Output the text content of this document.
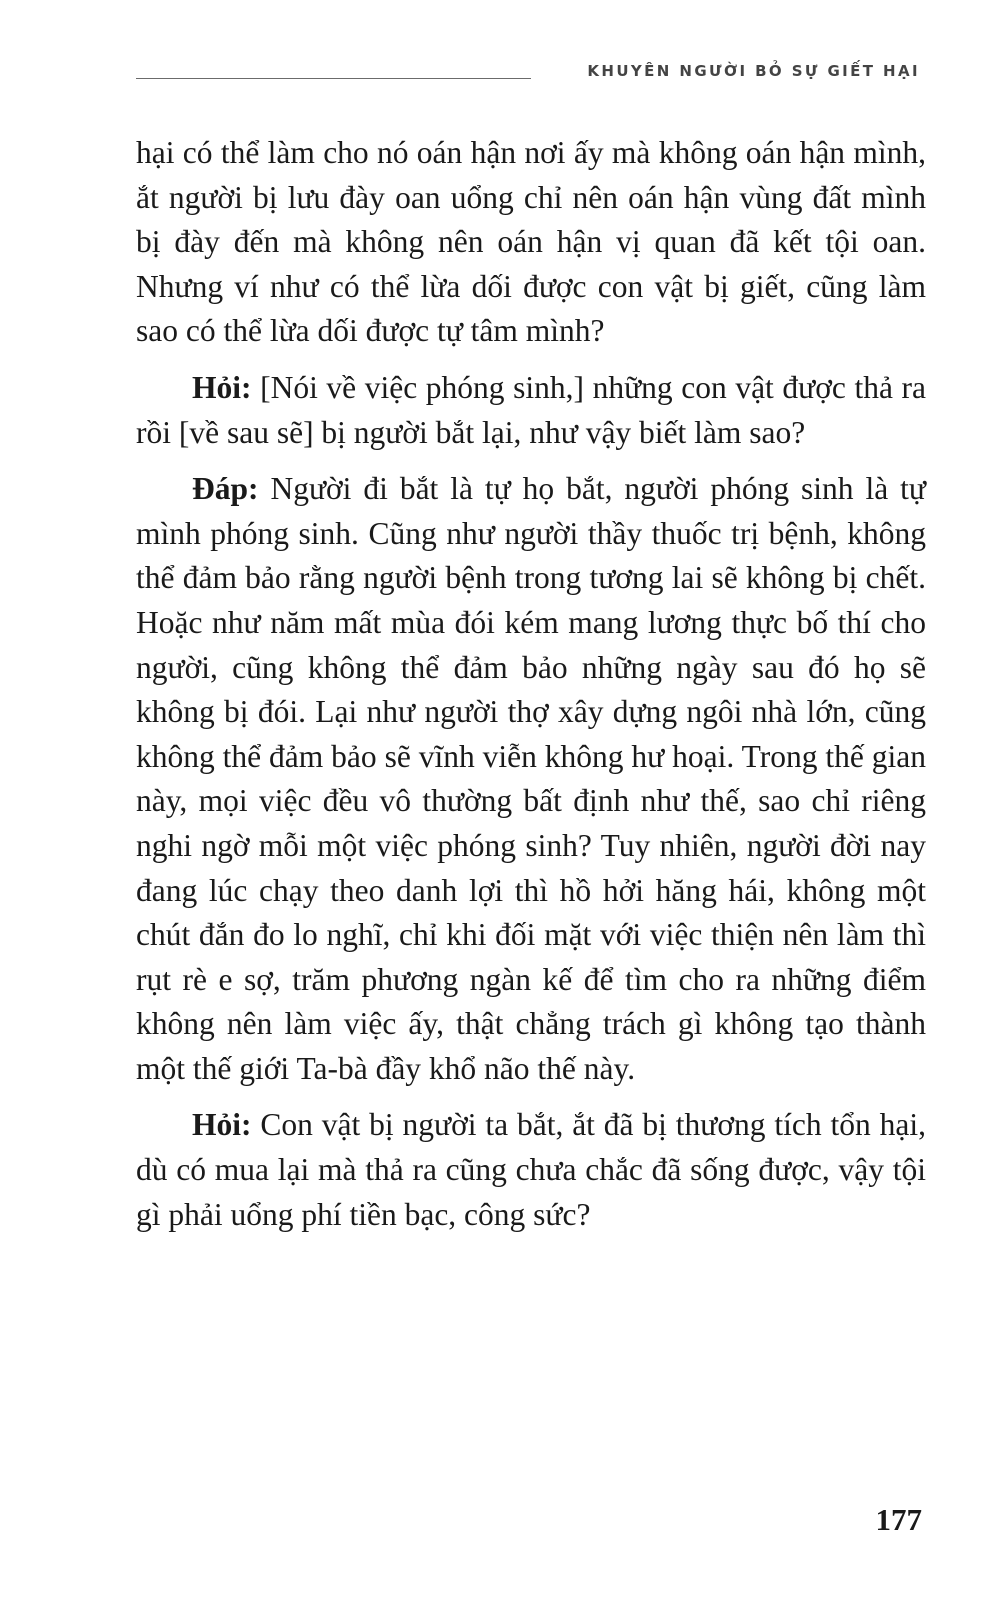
KHUYÊN NGƯỜI BỎ SỰ GIẾT HẠI

hại có thể làm cho nó oán hận nơi ấy mà không oán hận mình, ắt người bị lưu đày oan uổng chỉ nên oán hận vùng đất mình bị đày đến mà không nên oán hận vị quan đã kết tội oan. Nhưng ví như có thể lừa dối được con vật bị giết, cũng làm sao có thể lừa dối được tự tâm mình?

Hỏi: [Nói về việc phóng sinh,] những con vật được thả ra rồi [về sau sẽ] bị người bắt lại, như vậy biết làm sao?

Đáp: Người đi bắt là tự họ bắt, người phóng sinh là tự mình phóng sinh. Cũng như người thầy thuốc trị bệnh, không thể đảm bảo rằng người bệnh trong tương lai sẽ không bị chết. Hoặc như năm mất mùa đói kém mang lương thực bố thí cho người, cũng không thể đảm bảo những ngày sau đó họ sẽ không bị đói. Lại như người thợ xây dựng ngôi nhà lớn, cũng không thể đảm bảo sẽ vĩnh viễn không hư hoại. Trong thế gian này, mọi việc đều vô thường bất định như thế, sao chỉ riêng nghi ngờ mỗi một việc phóng sinh? Tuy nhiên, người đời nay đang lúc chạy theo danh lợi thì hồ hởi hăng hái, không một chút đắn đo lo nghĩ, chỉ khi đối mặt với việc thiện nên làm thì rụt rè e sợ, trăm phương ngàn kế để tìm cho ra những điểm không nên làm việc ấy, thật chẳng trách gì không tạo thành một thế giới Ta-bà đầy khổ não thế này.

Hỏi: Con vật bị người ta bắt, ắt đã bị thương tích tổn hại, dù có mua lại mà thả ra cũng chưa chắc đã sống được, vậy tội gì phải uổng phí tiền bạc, công sức?

177
